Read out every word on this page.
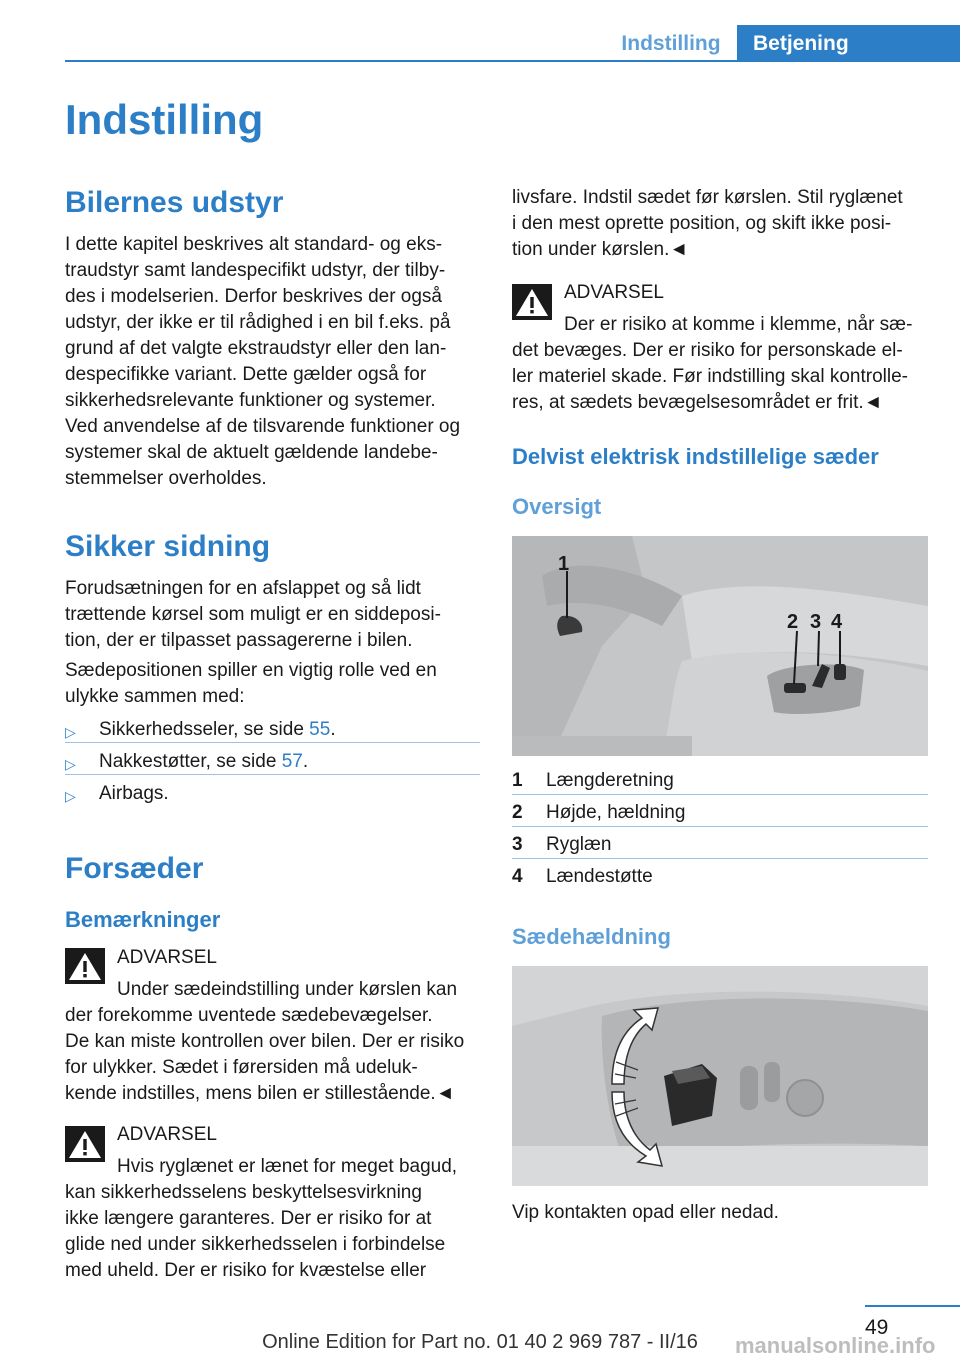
Indstilling	Betjening
Indstilling
Bilernes udstyr

I dette kapitel beskrives alt standard- og eks-

traudstyr samt landespecifikt udstyr, der tilby-

des i modelserien. Derfor beskrives der også

udstyr, der ikke er til rådighed i en bil f.eks. på

grund af det valgte ekstraudstyr eller den lan-

despecifikke variant. Dette gælder også for

sikkerhedsrelevante funktioner og systemer.

Ved anvendelse af de tilsvarende funktioner og

systemer skal de aktuelt gældende landebe-

stemmelser overholdes.

Sikker sidning

Forudsætningen for en afslappet og så lidt

trættende kørsel som muligt er en siddeposi-

tion, der er tilpasset passagererne i bilen.

Sædepositionen spiller en vigtig rolle ved en

ulykke sammen med:

▷ Sikkerhedsseler, se side 55.
▷ Nakkestøtter, se side 57.
▷ Airbags.
Forsæder
Bemærkninger
ADVARSEL
Under sædeindstilling under kørslen kan

der forekomme uventede sædebevægelser.

De kan miste kontrollen over bilen. Der er risiko

for ulykker. Sædet i førersiden må udeluk-

kende indstilles, mens bilen er stillestående.◄

ADVARSEL
Hvis ryglænet er lænet for meget bagud,

kan sikkerhedsselens beskyttelsesvirkning

ikke længere garanteres. Der er risiko for at

glide ned under sikkerhedsselen i forbindelse

med uheld. Der er risiko for kvæstelse eller

livsfare. Indstil sædet før kørslen. Stil ryglænet

i den mest oprette position, og skift ikke posi-

tion under kørslen.◄

ADVARSEL
Der er risiko at komme i klemme, når sæ-

det bevæges. Der er risiko for personskade el-

ler materiel skade. Før indstilling skal kontrolle-

res, at sædets bevægelsesområdet er frit.◄

Delvist elektrisk indstillelige sæder
Oversigt
1
2 3 4
1 Længderetning
2 Højde, hældning
3 Ryglæn
4 Lændestøtte
Sædehældning
Vip kontakten opad eller nedad.
49
Online Edition for Part no. 01 40 2 969 787 - II/16	manualsonline.info
